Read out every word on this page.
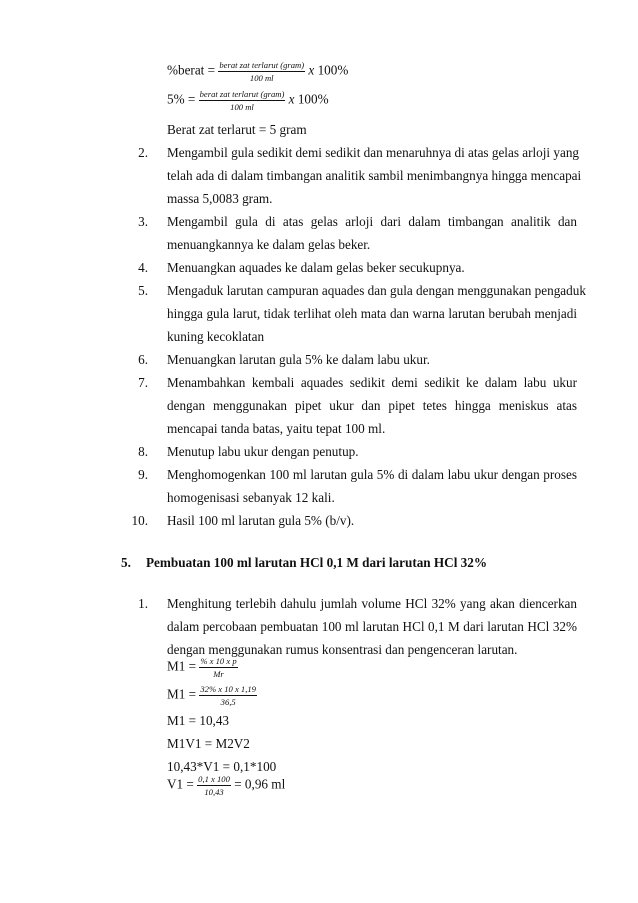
%berat = $\frac{\text{berat zat terlarut (gram)}}{100 ml}$ x 100%
$5\% = \frac{\text{berat zat terlarut (gram)}}{100 ml}$ x 100%
Berat zat terlarut = 5 gram
2. Mengambil gula sedikit demi sedikit dan menaruhnya di atas gelas arloji yang
telah ada di dalam timbangan analitik sambil menimbangnya hingga mencapai
massa 5,0083 gram.
3. Mengambil gula di atas gelas arloji dari dalam timbangan analitik dan
menuangkannya ke dalam gelas beker.
4. Menuangkan aquades ke dalam gelas beker secukupnya.
5. Mengaduk larutan campuran aquades dan gula dengan menggunakan pengaduk
hingga gula larut, tidak terlihat oleh mata dan warna larutan berubah menjadi
kuning kecoklatan
6. Menuangkan larutan gula 5% ke dalam labu ukur.
7. Menambahkan kembali aquades sedikit demi sedikit ke dalam labu ukur
dengan menggunakan pipet ukur dan pipet tetes hingga meniskus atas
mencapai tanda batas, yaitu tepat 100 ml.
8. Menutup labu ukur dengan penutup.
9. Menghomogenkan 100 ml larutan gula 5% di dalam labu ukur dengan proses
homogenisasi sebanyak 12 kali.
10. Hasil 100 ml larutan gula 5% (b/v).
5. Pembuatan 100 ml larutan HCl 0,1 M dari larutan HCl 32%
1. Menghitung terlebih dahulu jumlah volume HCl 32% yang akan diencerkan
dalam percobaan pembuatan 100 ml larutan HCl 0,1 M dari larutan HCl 32%
dengan menggunakan rumus konsentrasi dan pengenceran larutan.
$M1 = \frac{\text{\% x 10 x p}}{Mr}$
$M1 = \frac{32\% x 10 x 1,19}{36,5}$
M1 = 10,43
M1V1 = M2V2
10,43*V1 = 0,1*100
$V1 = \frac{0,1 x 100}{10,43} = 0,96$ ml
